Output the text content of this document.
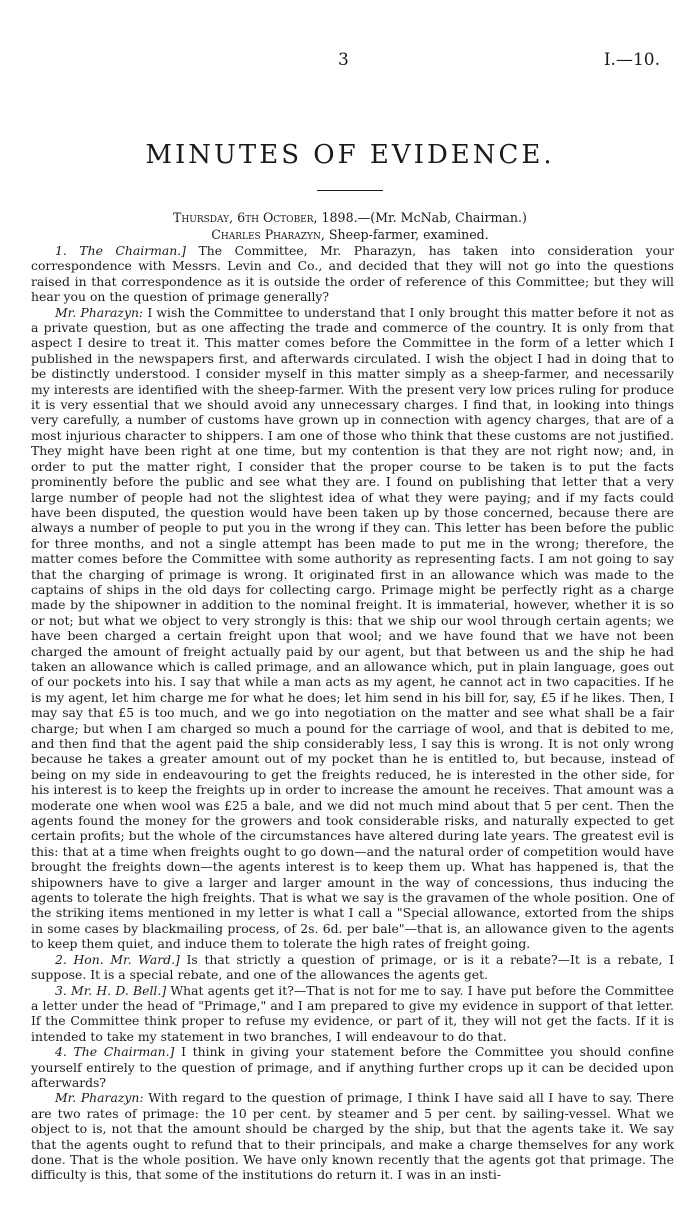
3	I.—10.
MINUTES OF EVIDENCE.
Thursday, 6th October, 1898.—(Mr. McNab, Chairman.)
Charles Pharazyn, Sheep-farmer, examined.

1. The Chairman.] The Committee, Mr. Pharazyn, has taken into consideration your correspondence with Messrs. Levin and Co., and decided that they will not go into the questions raised in that correspondence as it is outside the order of reference of this Committee; but they will hear you on the question of primage generally?

Mr. Pharazyn: I wish the Committee to understand that I only brought this matter before it not as a private question, but as one affecting the trade and commerce of the country. It is only from that aspect I desire to treat it. This matter comes before the Committee in the form of a letter which I published in the newspapers first, and afterwards circulated. I wish the object I had in doing that to be distinctly understood. I consider myself in this matter simply as a sheep-farmer, and necessarily my interests are identified with the sheep-farmer. With the present very low prices ruling for produce it is very essential that we should avoid any unnecessary charges. I find that, in looking into things very carefully, a number of customs have grown up in connection with agency charges, that are of a most injurious character to shippers. I am one of those who think that these customs are not justified. They might have been right at one time, but my contention is that they are not right now; and, in order to put the matter right, I consider that the proper course to be taken is to put the facts prominently before the public and see what they are. I found on publishing that letter that a very large number of people had not the slightest idea of what they were paying; and if my facts could have been disputed, the question would have been taken up by those concerned, because there are always a number of people to put you in the wrong if they can. This letter has been before the public for three months, and not a single attempt has been made to put me in the wrong; therefore, the matter comes before the Committee with some authority as representing facts. I am not going to say that the charging of primage is wrong. It originated first in an allowance which was made to the captains of ships in the old days for collecting cargo. Primage might be perfectly right as a charge made by the shipowner in addition to the nominal freight. It is immaterial, however, whether it is so or not; but what we object to very strongly is this: that we ship our wool through certain agents; we have been charged a certain freight upon that wool; and we have found that we have not been charged the amount of freight actually paid by our agent, but that between us and the ship he had taken an allowance which is called primage, and an allowance which, put in plain language, goes out of our pockets into his. I say that while a man acts as my agent, he cannot act in two capacities. If he is my agent, let him charge me for what he does; let him send in his bill for, say, £5 if he likes. Then, I may say that £5 is too much, and we go into negotiation on the matter and see what shall be a fair charge; but when I am charged so much a pound for the carriage of wool, and that is debited to me, and then find that the agent paid the ship considerably less, I say this is wrong. It is not only wrong because he takes a greater amount out of my pocket than he is entitled to, but because, instead of being on my side in endeavouring to get the freights reduced, he is interested in the other side, for his interest is to keep the freights up in order to increase the amount he receives. That amount was a moderate one when wool was £25 a bale, and we did not much mind about that 5 per cent. Then the agents found the money for the growers and took considerable risks, and naturally expected to get certain profits; but the whole of the circumstances have altered during late years. The greatest evil is this: that at a time when freights ought to go down—and the natural order of competition would have brought the freights down—the agents interest is to keep them up. What has happened is, that the shipowners have to give a larger and larger amount in the way of concessions, thus inducing the agents to tolerate the high freights. That is what we say is the gravamen of the whole position. One of the striking items mentioned in my letter is what I call a "Special allowance, extorted from the ships in some cases by blackmailing process, of 2s. 6d. per bale"—that is, an allowance given to the agents to keep them quiet, and induce them to tolerate the high rates of freight going.

2. Hon. Mr. Ward.] Is that strictly a question of primage, or is it a rebate?—It is a rebate, I suppose. It is a special rebate, and one of the allowances the agents get.

3. Mr. H. D. Bell.] What agents get it?—That is not for me to say. I have put before the Committee a letter under the head of "Primage," and I am prepared to give my evidence in support of that letter. If the Committee think proper to refuse my evidence, or part of it, they will not get the facts. If it is intended to take my statement in two branches, I will endeavour to do that.

4. The Chairman.] I think in giving your statement before the Committee you should confine yourself entirely to the question of primage, and if anything further crops up it can be decided upon afterwards?

Mr. Pharazyn: With regard to the question of primage, I think I have said all I have to say. There are two rates of primage: the 10 per cent. by steamer and 5 per cent. by sailing-vessel. What we object to is, not that the amount should be charged by the ship, but that the agents take it. We say that the agents ought to refund that to their principals, and make a charge themselves for any work done. That is the whole position. We have only known recently that the agents got that primage. The difficulty is this, that some of the institutions do return it. I was in an insti-
